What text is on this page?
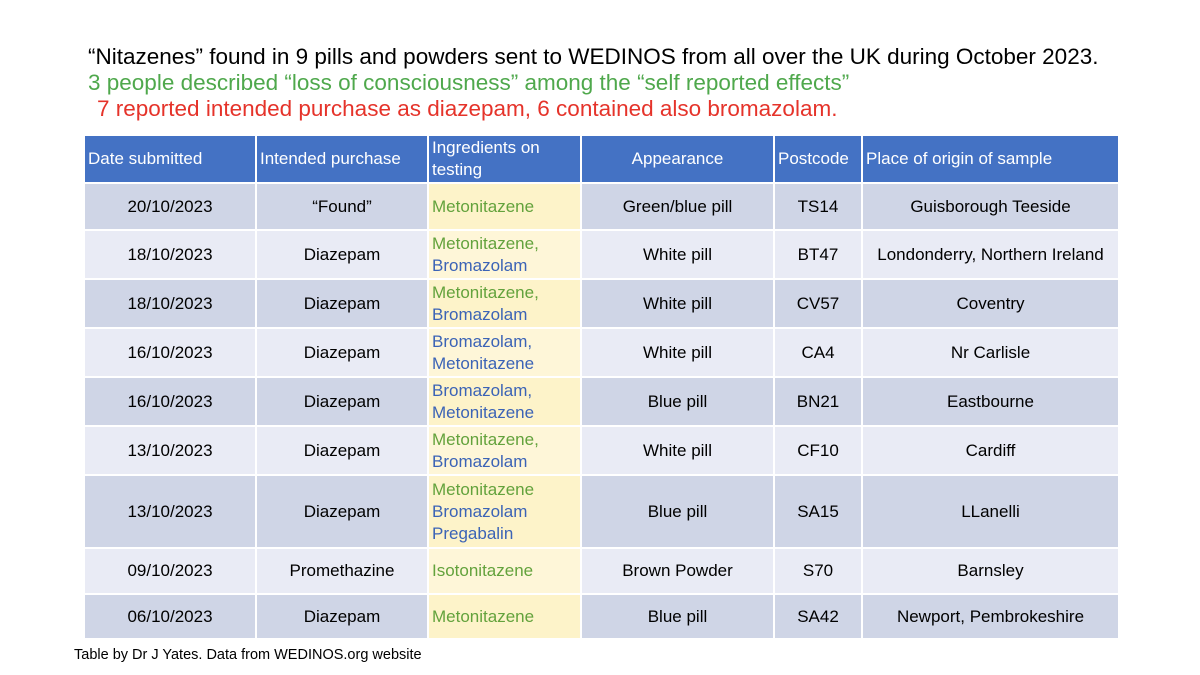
“Nitazenes” found in 9 pills and powders sent to WEDINOS from all over the UK during October 2023.
3 people described “loss of consciousness” among the “self reported effects”
7 reported intended purchase as diazepam, 6 contained also bromazolam.
Date submitted	Intended purchase	Ingredients on
testing	Appearance	Postcode	Place of origin of sample
20/10/2023	“Found”	Metonitazene	Green/blue pill	TS14	Guisborough Teeside
18/10/2023	Diazepam	Metonitazene,
Bromazolam	White pill	BT47	Londonderry, Northern Ireland
18/10/2023	Diazepam	Metonitazene,
Bromazolam	White pill	CV57	Coventry
16/10/2023	Diazepam	Bromazolam,
Metonitazene	White pill	CA4	Nr Carlisle
16/10/2023	Diazepam	Bromazolam,
Metonitazene	Blue pill	BN21	Eastbourne
13/10/2023	Diazepam	Metonitazene,
Bromazolam	White pill	CF10	Cardiff
13/10/2023	Diazepam	Metonitazene
Bromazolam
Pregabalin	Blue pill	SA15	LLanelli
09/10/2023	Promethazine	Isotonitazene	Brown Powder	S70	Barnsley
06/10/2023	Diazepam	Metonitazene	Blue pill	SA42	Newport, Pembrokeshire
Table by Dr J Yates. Data from WEDINOS.org website
